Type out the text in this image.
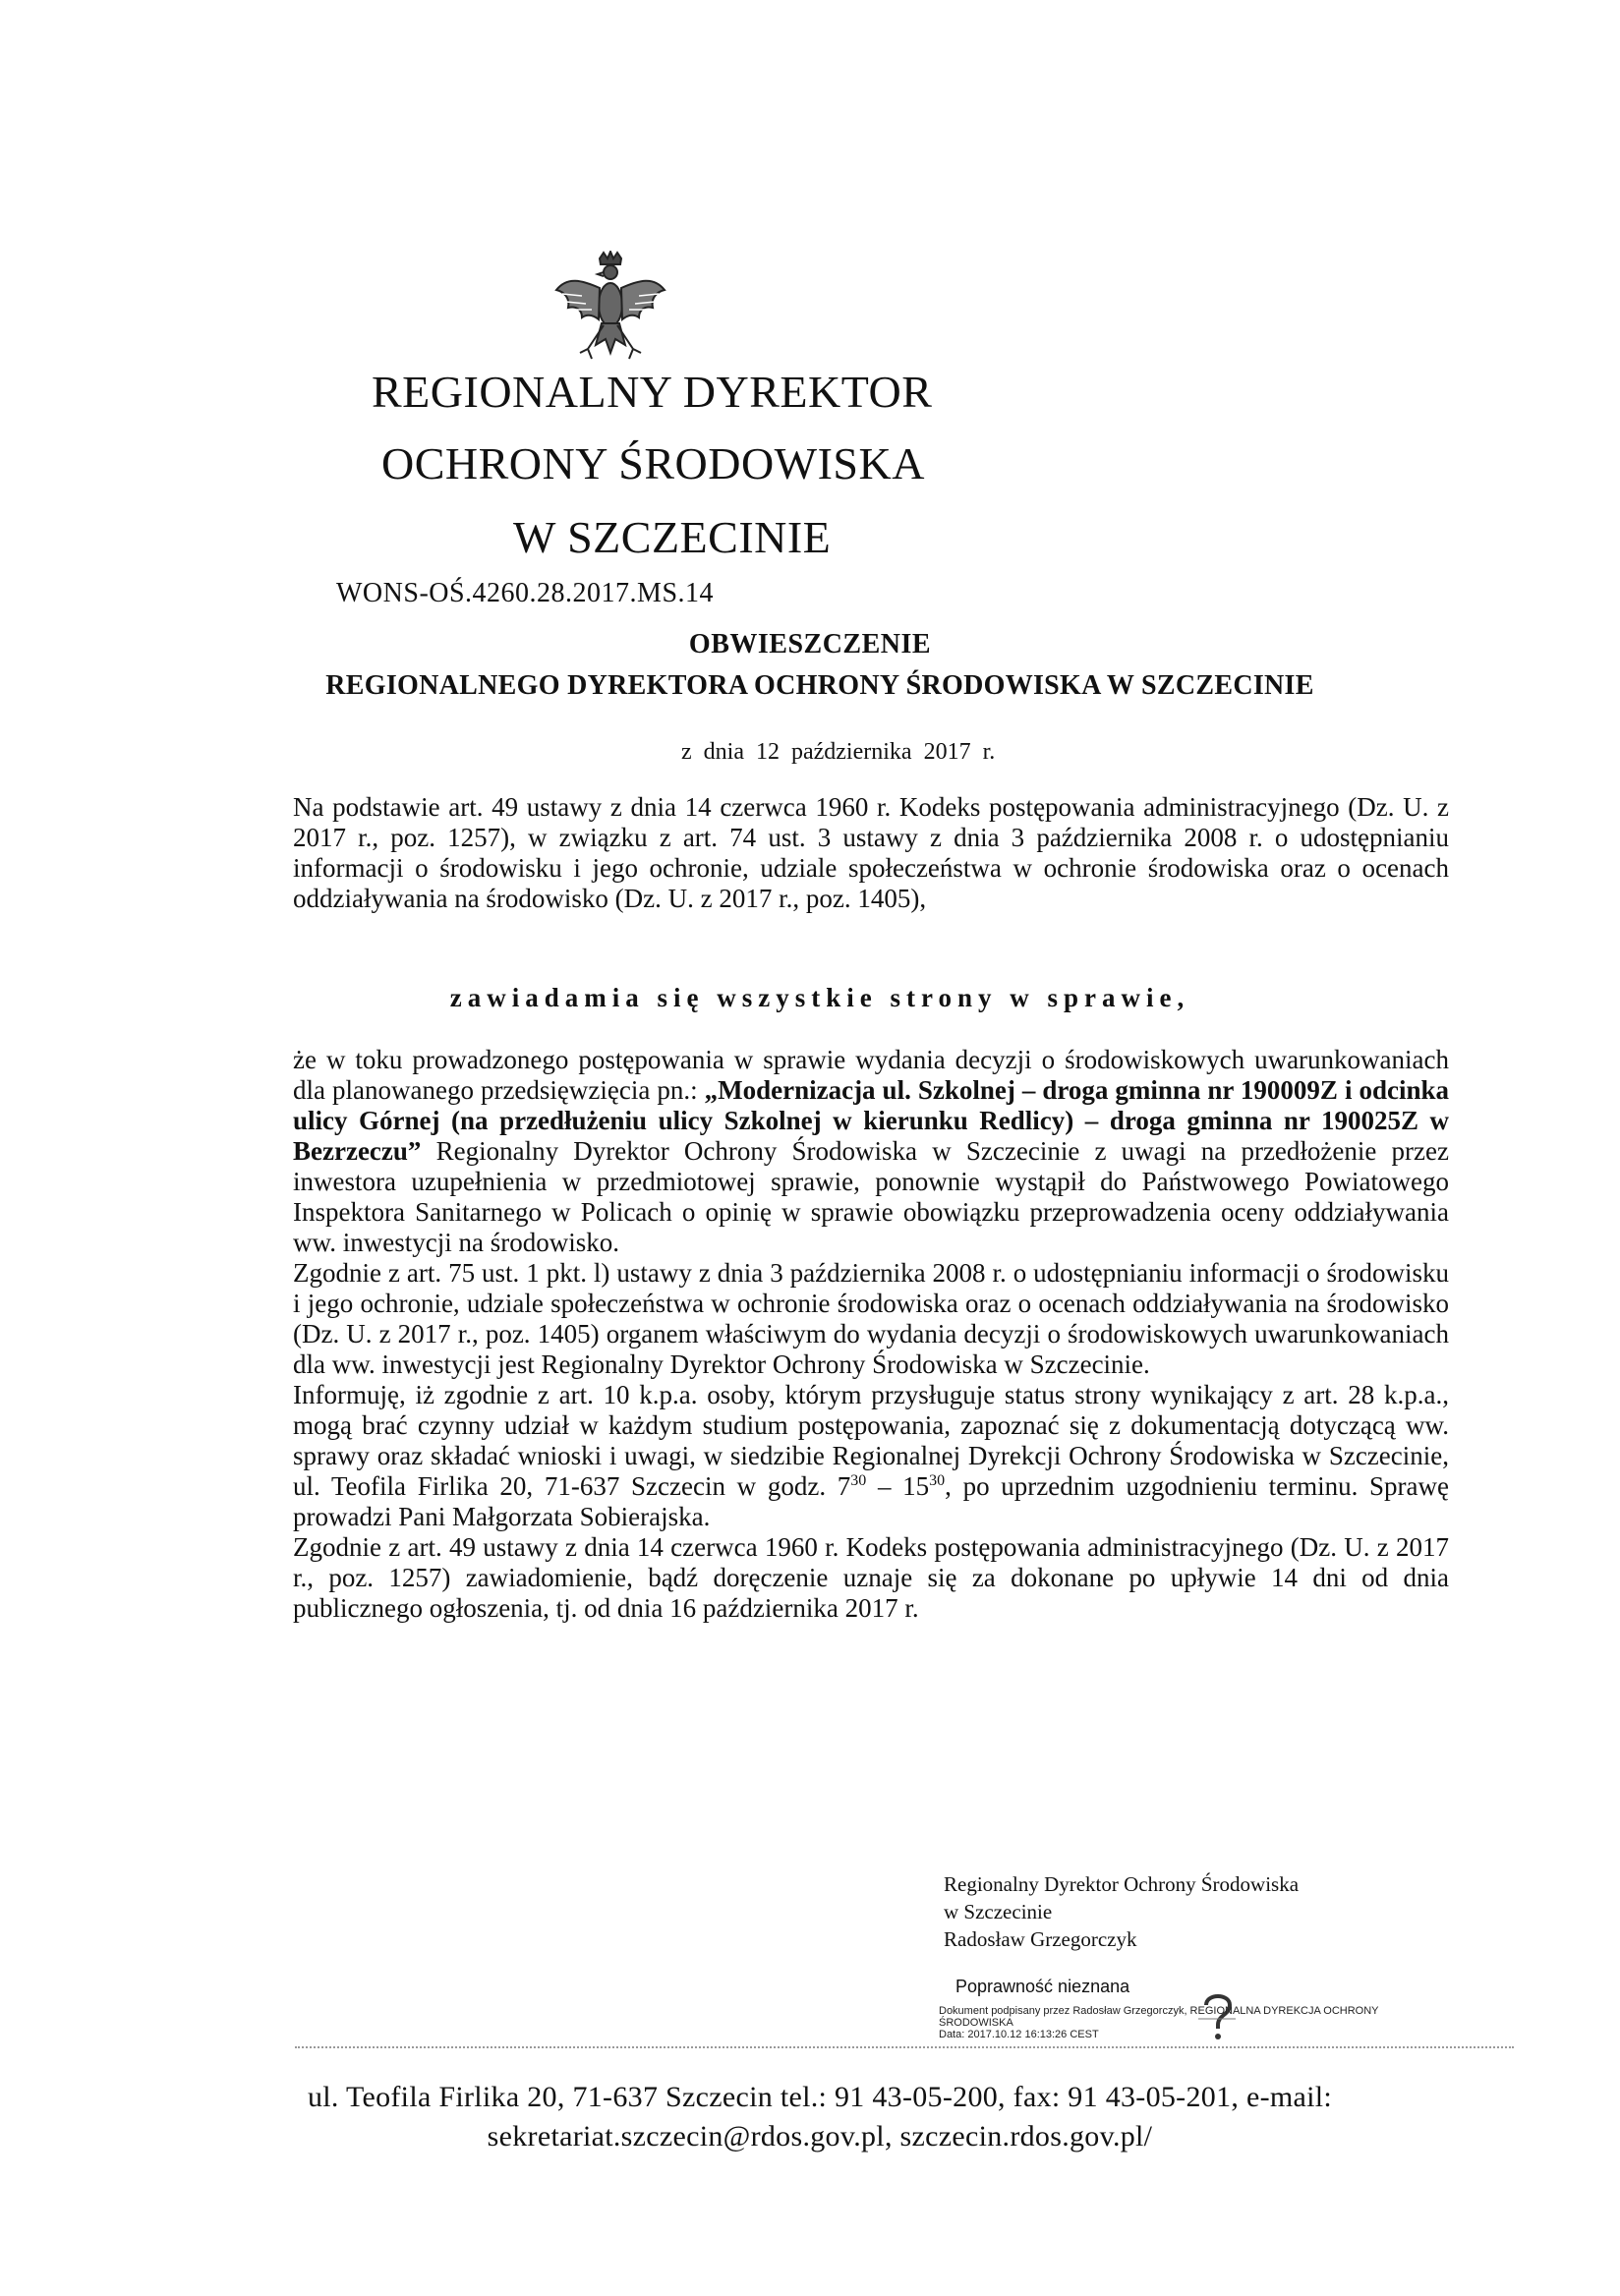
REGIONALNY DYREKTOR
OCHRONY ŚRODOWISKA
W SZCZECINIE
WONS-OŚ.4260.28.2017.MS.14
OBWIESZCZENIE
REGIONALNEGO DYREKTORA OCHRONY ŚRODOWISKA W SZCZECINIE
z dnia 12 października 2017 r.
Na podstawie art. 49 ustawy z dnia 14 czerwca 1960 r. Kodeks postępowania administracyjnego (Dz. U. z 2017 r., poz. 1257), w związku z art. 74 ust. 3 ustawy z dnia 3 października 2008 r. o udostępnianiu informacji o środowisku i jego ochronie, udziale społeczeństwa w ochronie środowiska oraz o ocenach oddziaływania na środowisko (Dz. U. z 2017 r., poz. 1405),
zawiadamia się wszystkie strony w sprawie,
że w toku prowadzonego postępowania w sprawie wydania decyzji o środowiskowych uwarunkowaniach dla planowanego przedsięwzięcia pn.: „Modernizacja ul. Szkolnej – droga gminna nr 190009Z i odcinka ulicy Górnej (na przedłużeniu ulicy Szkolnej w kierunku Redlicy) – droga gminna nr 190025Z w Bezrzeczu” Regionalny Dyrektor Ochrony Środowiska w Szczecinie z uwagi na przedłożenie przez inwestora uzupełnienia w przedmiotowej sprawie, ponownie wystąpił do Państwowego Powiatowego Inspektora Sanitarnego w Policach o opinię w sprawie obowiązku przeprowadzenia oceny oddziaływania ww. inwestycji na środowisko.
Zgodnie z art. 75 ust. 1 pkt. l) ustawy z dnia 3 października 2008 r. o udostępnianiu informacji o środowisku i jego ochronie, udziale społeczeństwa w ochronie środowiska oraz o ocenach oddziaływania na środowisko (Dz. U. z 2017 r., poz. 1405) organem właściwym do wydania decyzji o środowiskowych uwarunkowaniach dla ww. inwestycji jest Regionalny Dyrektor Ochrony Środowiska w Szczecinie.
Informuję, iż zgodnie z art. 10 k.p.a. osoby, którym przysługuje status strony wynikający z art. 28 k.p.a., mogą brać czynny udział w każdym studium postępowania, zapoznać się z dokumentacją dotyczącą ww. sprawy oraz składać wnioski i uwagi, w siedzibie Regionalnej Dyrekcji Ochrony Środowiska w Szczecinie, ul. Teofila Firlika 20, 71-637 Szczecin w godz. $7^{30} - 15^{30}$, po uprzednim uzgodnieniu terminu. Sprawę prowadzi Pani Małgorzata Sobierajska.
Zgodnie z art. 49 ustawy z dnia 14 czerwca 1960 r. Kodeks postępowania administracyjnego (Dz. U. z 2017 r., poz. 1257) zawiadomienie, bądź doręczenie uznaje się za dokonane po upływie 14 dni od dnia publicznego ogłoszenia, tj. od dnia 16 października 2017 r.
Regionalny Dyrektor Ochrony Środowiska
w Szczecinie
Radosław Grzegorczyk
Poprawność nieznana
Dokument podpisany przez Radosław Grzegorczyk, REGIONALNA DYREKCJA OCHRONY
ŚRODOWISKA
Data: 2017.10.12 16:13:26 CEST
ul. Teofila Firlika 20, 71-637 Szczecin tel.: 91 43-05-200, fax: 91 43-05-201, e-mail:
sekretariat.szczecin@rdos.gov.pl, szczecin.rdos.gov.pl/
